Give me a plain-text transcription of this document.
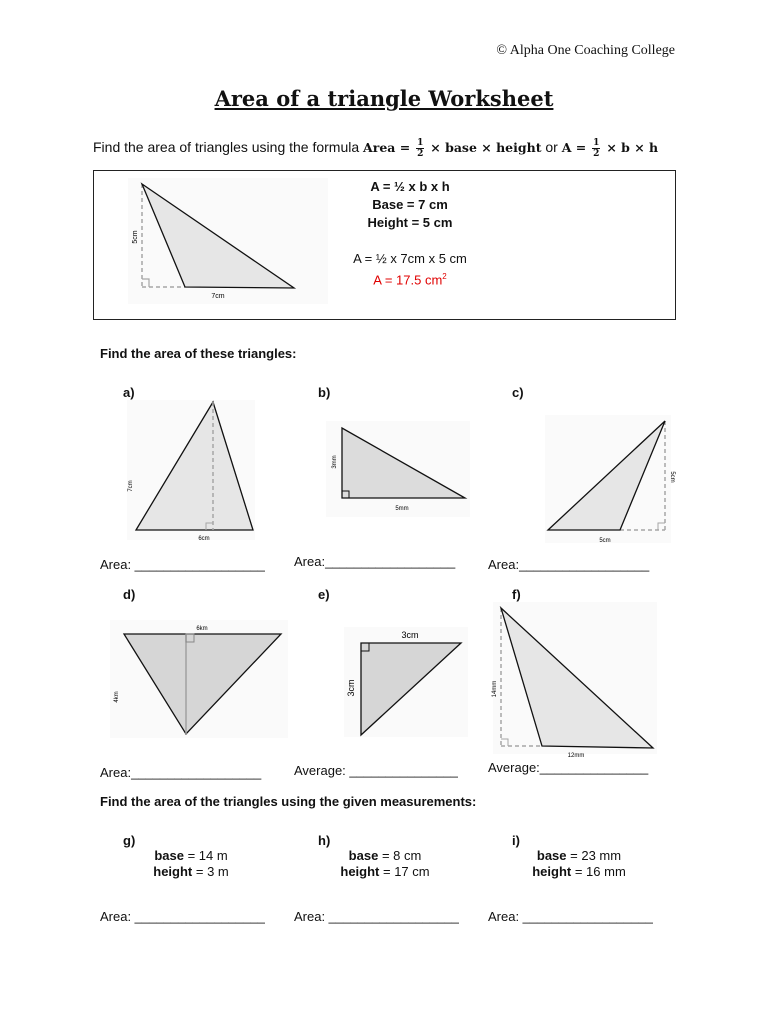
© Alpha One Coaching College
Area of a triangle Worksheet
Find the area of triangles using the formula Area = $\frac{1}{2}$ × base × height or $A = \frac{1}{2} \times b \times h$
5cm
7cm
A = ½ x b x h
Base = 7 cm
Height = 5 cm
A = ½ x 7cm x 5 cm
A = 17.5 $cm^2$
Find the area of these triangles:
a)
7cm
6cm
Area: __________________
b)
3mm
5mm
Area:__________________
c)
5cm
5cm
Area:__________________
d)
6km
4km
Area:__________________
e)
3cm
3cm
Average: _______________
f)
14mm
12mm
Average:_______________
Find the area of the triangles using the given measurements:
g)
base = 14 m
height = 3 m
Area: __________________
h)
base = 8 cm
height = 17 cm
Area: __________________
i)
base = 23 mm
height = 16 mm
Area: __________________
